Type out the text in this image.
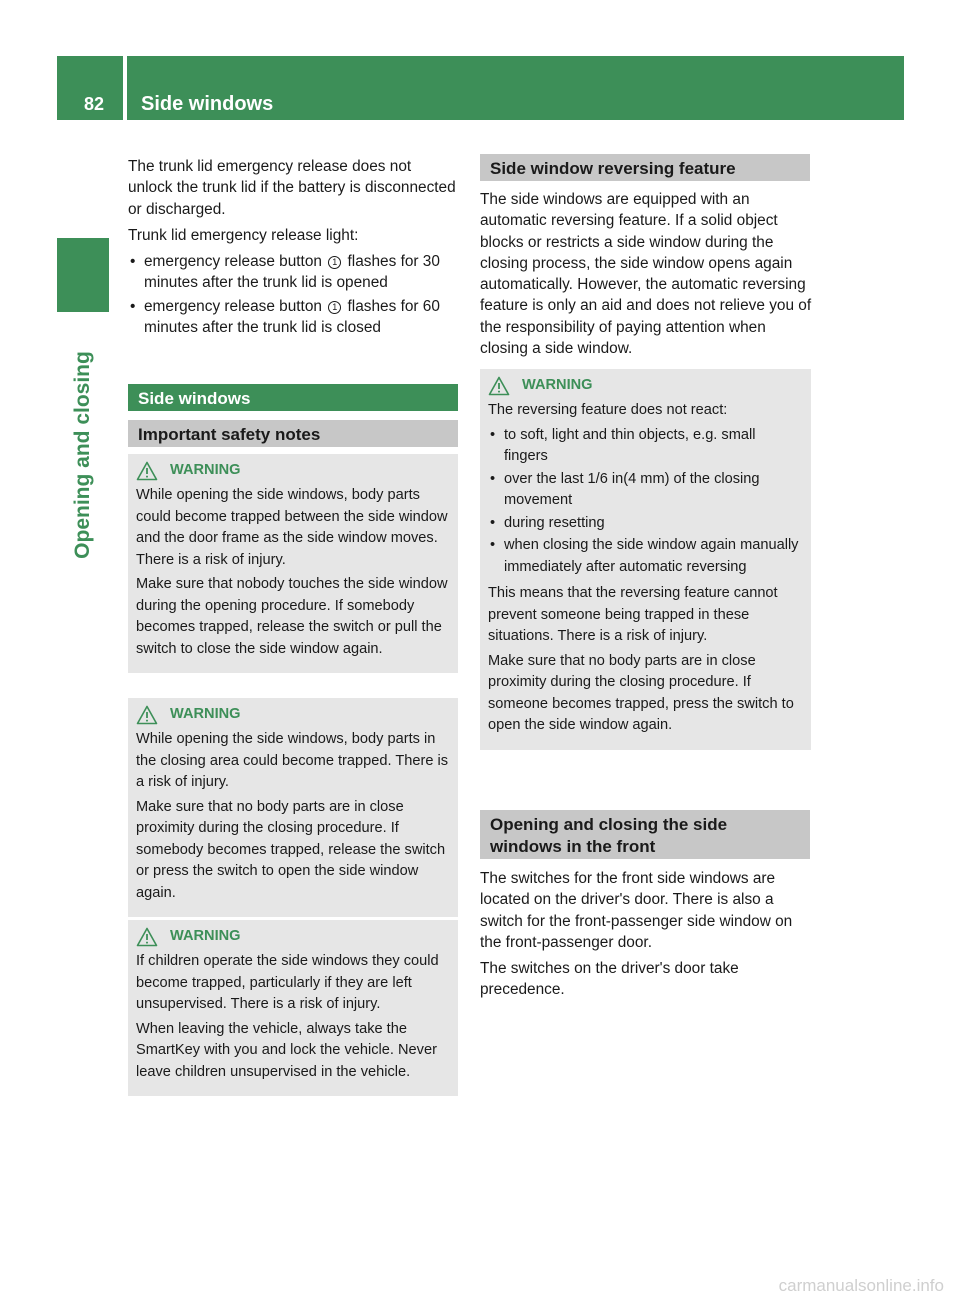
82 Side windows
Opening and closing

The trunk lid emergency release does not unlock the trunk lid if the battery is disconnected or discharged.

Trunk lid emergency release light:

• emergency release button 1 flashes for 30 minutes after the trunk lid is opened
• emergency release button 1 flashes for 60 minutes after the trunk lid is closed
Side windows
Important safety notes
WARNING

While opening the side windows, body parts could become trapped between the side window and the door frame as the side window moves. There is a risk of injury.

Make sure that nobody touches the side window during the opening procedure. If somebody becomes trapped, release the switch or pull the switch to close the side window again.

WARNING

While opening the side windows, body parts in the closing area could become trapped. There is a risk of injury.

Make sure that no body parts are in close proximity during the closing procedure. If somebody becomes trapped, release the switch or press the switch to open the side window again.

WARNING

If children operate the side windows they could become trapped, particularly if they are left unsupervised. There is a risk of injury.

When leaving the vehicle, always take the SmartKey with you and lock the vehicle. Never leave children unsupervised in the vehicle.

Side window reversing feature

The side windows are equipped with an automatic reversing feature. If a solid object blocks or restricts a side window during the closing process, the side window opens again automatically. However, the automatic reversing feature is only an aid and does not relieve you of the responsibility of paying attention when closing a side window.

WARNING

The reversing feature does not react:

• to soft, light and thin objects, e.g. small fingers
• over the last 1/6 in(4 mm) of the closing movement
• during resetting
• when closing the side window again manually immediately after automatic reversing

This means that the reversing feature cannot prevent someone being trapped in these situations. There is a risk of injury.

Make sure that no body parts are in close proximity during the closing procedure. If someone becomes trapped, press the switch to open the side window again.

Opening and closing the side windows in the front

The switches for the front side windows are located on the driver's door. There is also a switch for the front-passenger side window on the front-passenger door.

The switches on the driver's door take precedence.

carmanualsonline.info
